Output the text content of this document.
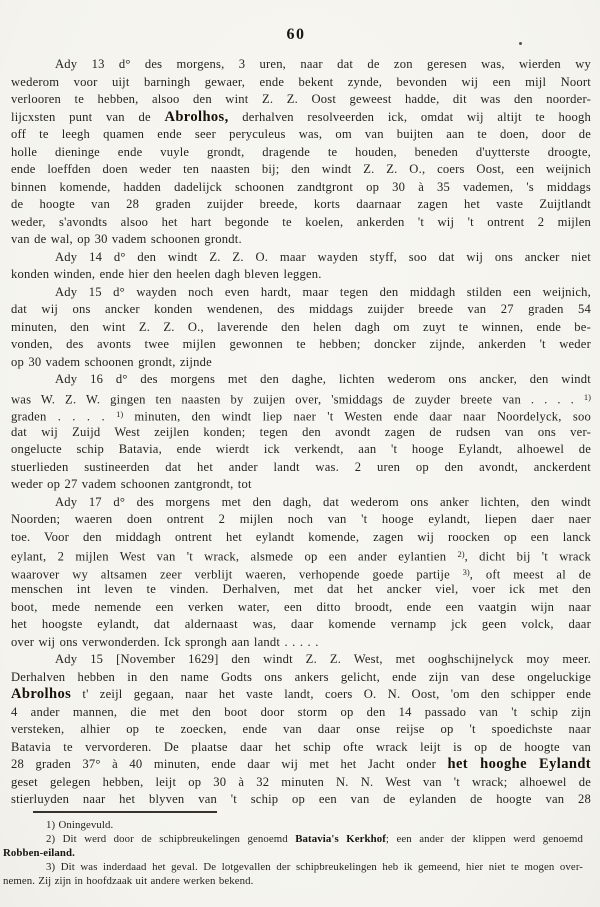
60
Ady 13 d° des morgens, 3 uren, naar dat de zon geresen was, wierden wy
wederom voor uijt barningh gewaer, ende bekent zynde, bevonden wij een mijl Noort
verlooren te hebben, alsoo den wint Z. Z. Oost geweest hadde, dit was den noorder-
lijcxsten punt van de Abrolhos, derhalven resolveerden ick, omdat wij altijt te hoogh
off te leegh quamen ende seer peryculeus was, om van buijten aan te doen, door de
holle dieninge ende vuyle grondt, dragende te houden, beneden d'uytterste droogte,
ende loeffden doen weder ten naasten bij; den windt Z. Z. O., coers Oost, een weijnich
binnen komende, hadden dadelijck schoonen zandtgront op 30 à 35 vademen, 's middags
de hoogte van 28 graden zuijder breede, korts daarnaar zagen het vaste Zuijtlandt
weder, s'avondts alsoo het hart begonde te koelen, ankerden 't wij 't ontrent 2 mijlen
van de wal, op 30 vadem schoonen grondt.
Ady 14 d° den windt Z. Z. O. maar wayden styff, soo dat wij ons ancker niet
konden winden, ende hier den heelen dagh bleven leggen.
Ady 15 d° wayden noch even hardt, maar tegen den middagh stilden een weijnich,
dat wij ons ancker konden wendenen, des middags zuijder breede van 27 graden 54
minuten, den wint Z. Z. O., laverende den helen dagh om zuyt te winnen, ende be-
vonden, des avonts twee mijlen gewonnen te hebben; doncker zijnde, ankerden 't weder
op 30 vadem schoonen grondt, zijnde
Ady 16 d° des morgens met den daghe, lichten wederom ons ancker, den windt
was W. Z. W. gingen ten naasten by zuijen over, 'smiddags de zuyder breete van . . . . $^{1)}$
graden . . . . $^{1)}$ minuten, den windt liep naer 't Westen ende daar naar Noordelyck, soo
dat wij Zuijd West zeijlen konden; tegen den avondt zagen de rudsen van ons ver-
ongelucte schip Batavia, ende wierdt ick verkendt, aan 't hooge Eylandt, alhoewel de
stuerlieden sustineerden dat het ander landt was. 2 uren op den avondt, anckerdent
weder op 27 vadem schoonen zantgrondt, tot
Ady 17 d° des morgens met den dagh, dat wederom ons anker lichten, den windt
Noorden; waeren doen ontrent 2 mijlen noch van 't hooge eylandt, liepen daer naer
toe. Voor den middagh ontrent het eylandt komende, zagen wij roocken op een lanck
eylant, 2 mijlen West van 't wrack, alsmede op een ander eylantien $^{2)}$, dicht bij 't wrack
waarover wy altsamen zeer verblijt waeren, verhopende goede partije $^{3)}$, oft meest al de
menschen int leven te vinden. Derhalven, met dat het ancker viel, voer ick met den
boot, mede nemende een verken water, een ditto broodt, ende een vaatgin wijn naar
het hoogste eylandt, dat aldernaast was, daar komende vernamp jck geen volck, daar
over wij ons verwonderden. Ick sprongh aan landt . . . . .
Ady 15 [November 1629] den windt Z. Z. West, met ooghschijnelyck moy meer.
Derhalven hebben in den name Godts ons ankers gelicht, ende zijn van dese ongeluckige
Abrolhos t' zeijl gegaan, naar het vaste landt, coers O. N. Oost, 'om den schipper ende
4 ander mannen, die met den boot door storm op den 14 passado van 't schip zijn
versteken, alhier op te zoecken, ende van daar onse reijse op 't spoedichste naar
Batavia te vervorderen. De plaatse daar het schip ofte wrack leijt is op de hoogte van
28 graden 37° à 40 minuten, ende daar wij met het Jacht onder het hooghe Eylandt
geset gelegen hebben, leijt op 30 à 32 minuten N. N. West van 't wrack; alhoewel de
stierluyden naar het blyven van 't schip op een van de eylanden de hoogte van 28
1) Oningevuld.
2) Dit werd door de schipbreukelingen genoemd Batavia's Kerkhof; een ander der klippen werd genoemd
Robben-eiland.
3) Dit was inderdaad het geval. De lotgevallen der schipbreukelingen heb ik gemeend, hier niet te mogen over-
nemen. Zij zijn in hoofdzaak uit andere werken bekend.
